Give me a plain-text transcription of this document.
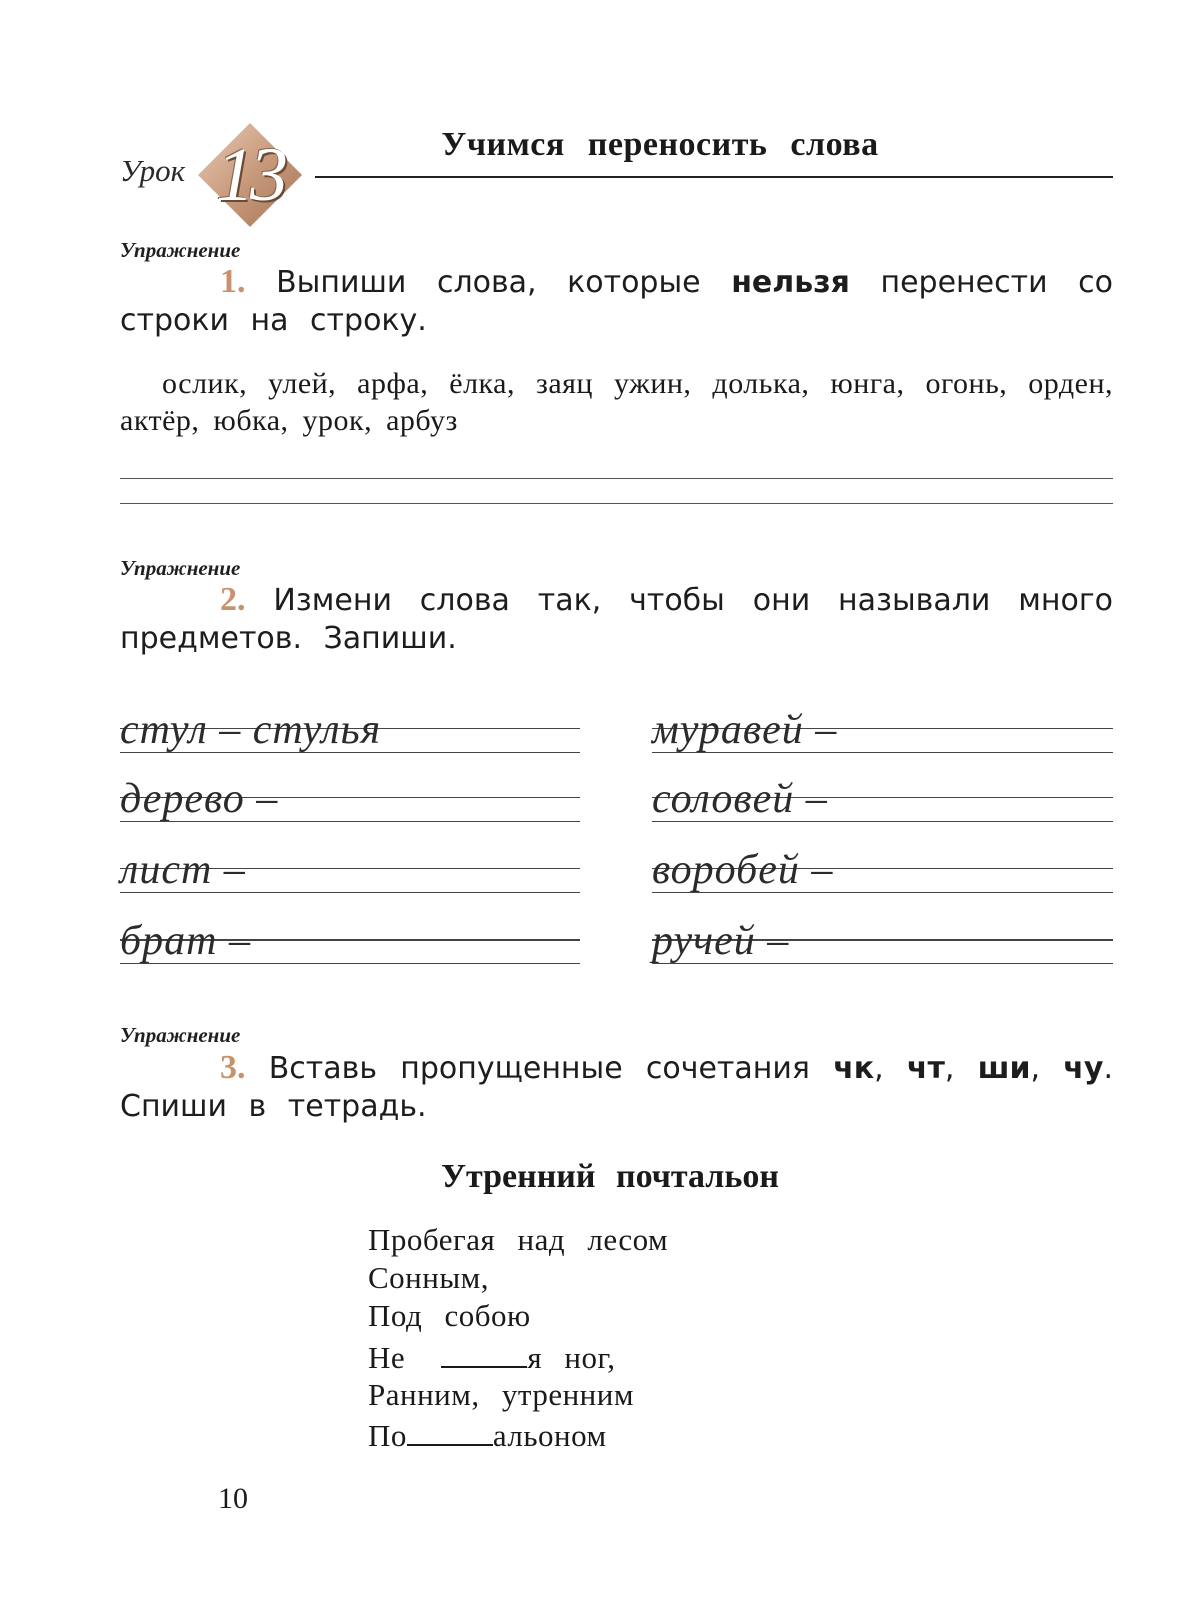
Урок 13	Учимся переносить слова
Упражнение
1. Выпиши слова, которые нельзя перенести со строки на строку.
ослик, улей, арфа, ёлка, заяц ужин, долька, юнга, огонь, орден, актёр, юбка, урок, арбуз
Упражнение
2. Измени слова так, чтобы они называли много предметов. Запиши.
стул – стулья
дерево –
лист –
брат –
муравей –
соловей –
воробей –
ручей –
Упражнение
3. Вставь пропущенные сочетания чк, чт, ши, чу. Спиши в тетрадь.
Утренний почтальон
Пробегая над лесом
Сонным,
Под собою
Не	я ног,
Ранним, утренним
По	альоном
10
